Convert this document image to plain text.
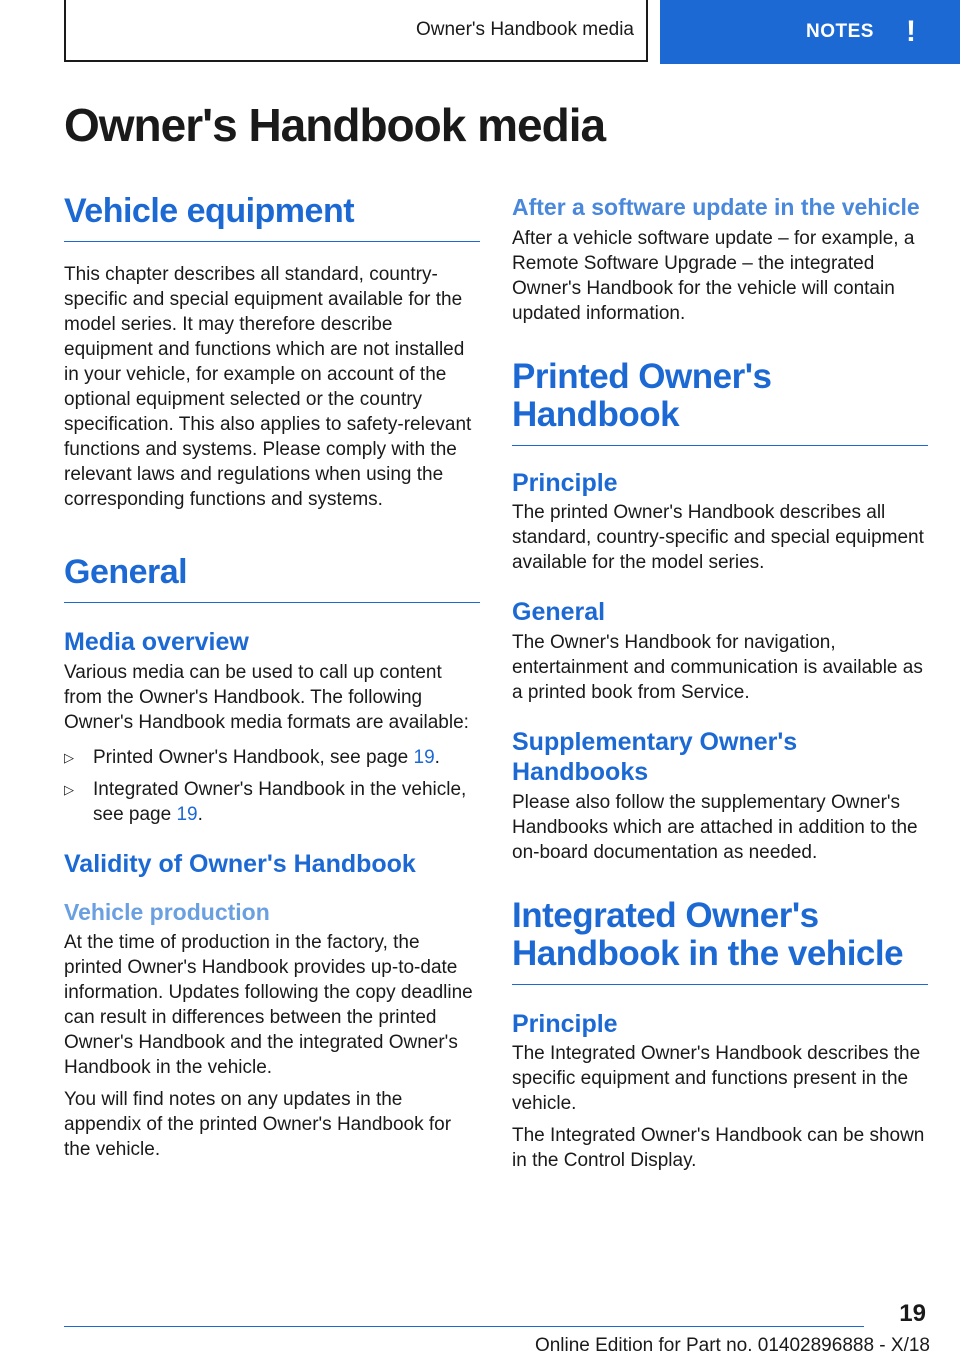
Owner's Handbook media	NOTES !
Owner's Handbook media
Vehicle equipment

This chapter describes all standard, country-specific and special equipment available for the model series. It may therefore describe equipment and functions which are not installed in your vehicle, for example on account of the optional equipment selected or the country specification. This also applies to safety-relevant functions and systems. Please comply with the relevant laws and regulations when using the corresponding functions and systems.

General
Media overview

Various media can be used to call up content from the Owner's Handbook. The following Owner's Handbook media formats are available:

▷ Printed Owner's Handbook, see page 19.
▷ Integrated Owner's Handbook in the vehicle, see page 19.
Validity of Owner's Handbook
Vehicle production

At the time of production in the factory, the printed Owner's Handbook provides up-to-date information. Updates following the copy deadline can result in differences between the printed Owner's Handbook and the integrated Owner's Handbook in the vehicle.

You will find notes on any updates in the appendix of the printed Owner's Handbook for the vehicle.

After a software update in the vehicle

After a vehicle software update – for example, a Remote Software Upgrade – the integrated Owner's Handbook for the vehicle will contain updated information.

Printed Owner's Handbook
Principle

The printed Owner's Handbook describes all standard, country-specific and special equipment available for the model series.

General

The Owner's Handbook for navigation, entertainment and communication is available as a printed book from Service.

Supplementary Owner's Handbooks

Please also follow the supplementary Owner's Handbooks which are attached in addition to the on-board documentation as needed.

Integrated Owner's Handbook in the vehicle
Principle

The Integrated Owner's Handbook describes the specific equipment and functions present in the vehicle.

The Integrated Owner's Handbook can be shown in the Control Display.

19
Online Edition for Part no. 01402896888 - X/18
